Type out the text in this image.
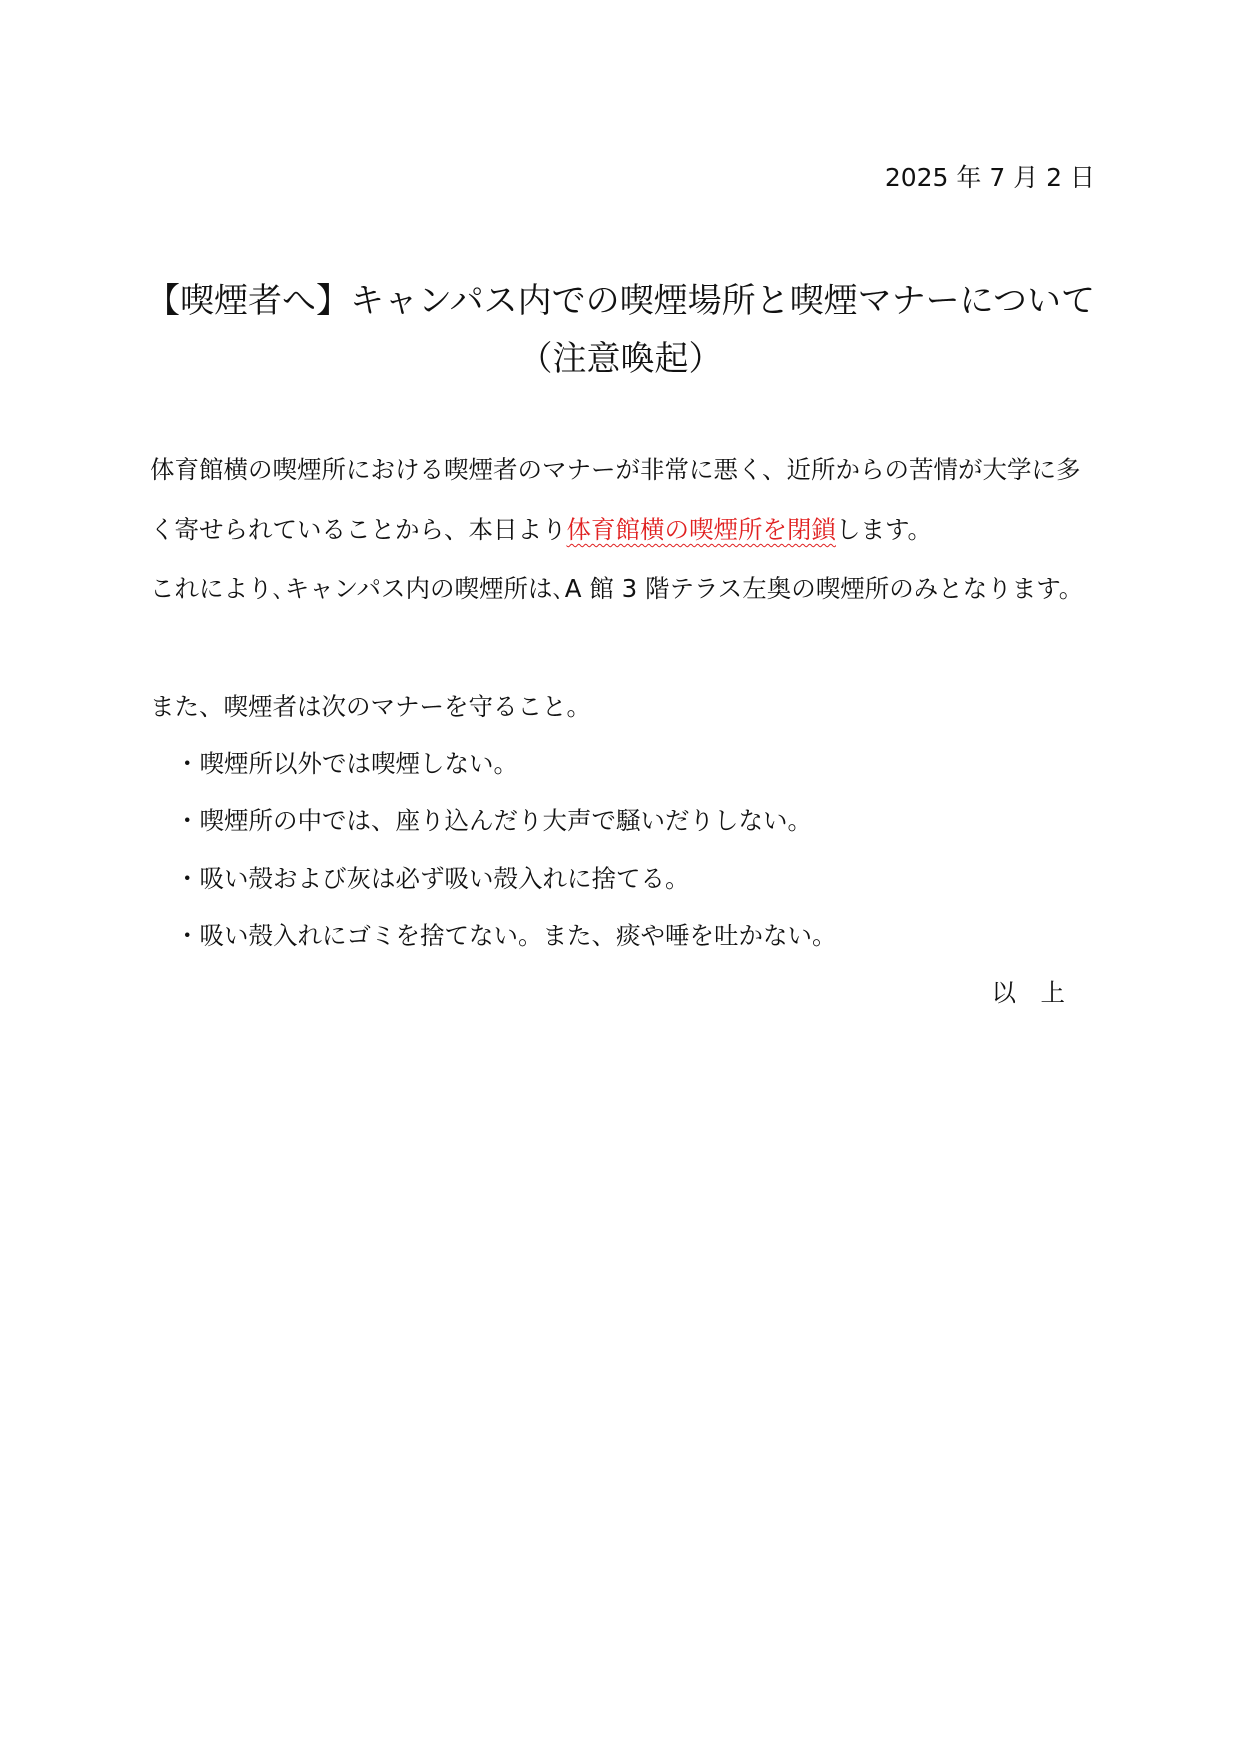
2025 年 7 月 2 日
【喫煙者へ】キャンパス内での喫煙場所と喫煙マナーについて
（注意喚起）
体育館横の喫煙所における喫煙者のマナーが非常に悪く、近所からの苦情が大学に多
く寄せられていることから、本日より体育館横の喫煙所を閉鎖します。
これにより､キャンパス内の喫煙所は､A 館 3 階テラス左奥の喫煙所のみとなります。
また、喫煙者は次のマナーを守ること。
・喫煙所以外では喫煙しない。
・喫煙所の中では、座り込んだり大声で騒いだりしない。
・吸い殻および灰は必ず吸い殻入れに捨てる。
・吸い殻入れにゴミを捨てない。また、痰や唾を吐かない。
以　上
